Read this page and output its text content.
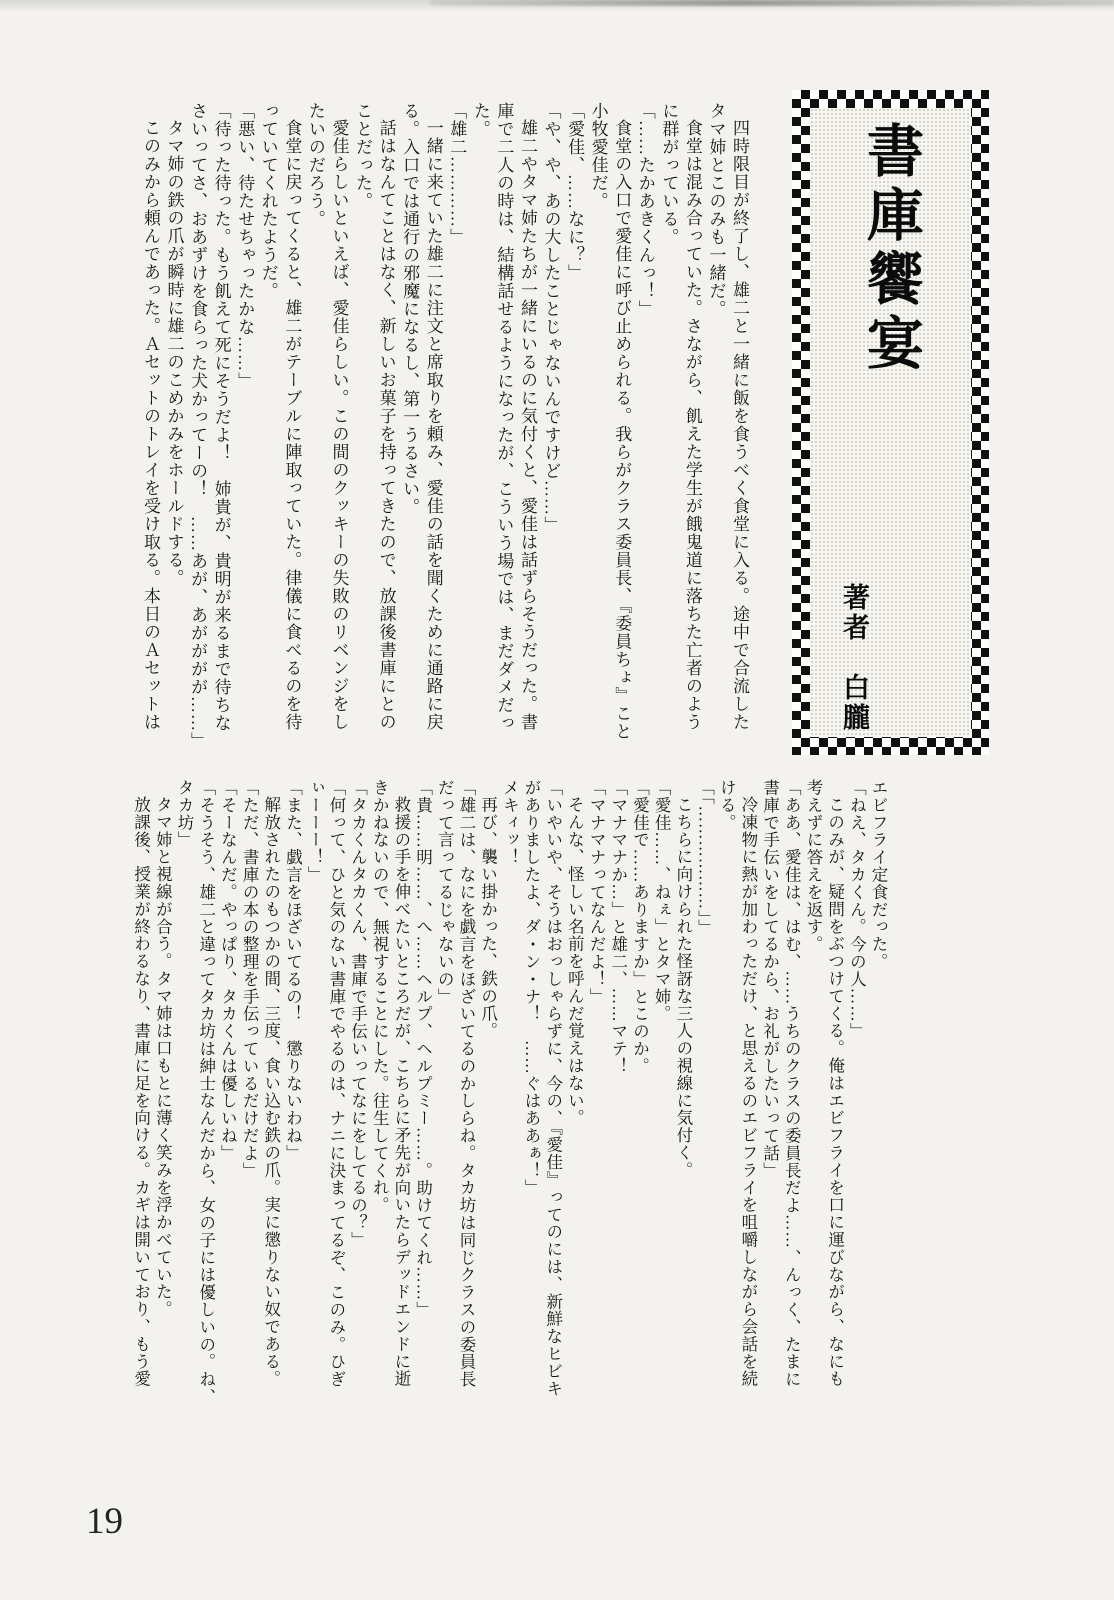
書庫饗宴
著者　白朧

四時限目が終了し、雄二と一緒に飯を食うべく食堂に入る。途中で合流した

タマ姉とこのみも一緒だ。

食堂は混み合っていた。さながら、飢えた学生が餓鬼道に落ちた亡者のよう

に群がっている。

「……たかあきくんっ！」

食堂の入口で愛佳に呼び止められる。我らがクラス委員長、『委員ちょ』こと

小牧愛佳だ。

「愛佳、……なに？」

「や、や、あの大したことじゃないんですけど……」

雄二やタマ姉たちが一緒にいるのに気付くと、愛佳は話ずらそうだった。書

庫で二人の時は、結構話せるようになったが、こういう場では、まだダメだっ

た。

「雄二…………」

一緒に来ていた雄二に注文と席取りを頼み、愛佳の話を聞くために通路に戻

る。入口では通行の邪魔になるし、第一うるさい。

話はなんてことはなく、新しいお菓子を持ってきたので、放課後書庫にとの

ことだった。

愛佳らしいといえば、愛佳らしい。この間のクッキーの失敗のリベンジをし

たいのだろう。

食堂に戻ってくると、雄二がテーブルに陣取っていた。律儀に食べるのを待

っていてくれたようだ。

「悪い、待たせちゃったかな……」

「待った待った。もう飢えて死にそうだよ！　姉貴が、貴明が来るまで待ちな

さいってさ、おあずけを食らった犬かってーの！　……あが、あがががが……」

タマ姉の鉄の爪が瞬時に雄二のこめかみをホールドする。

このみから頼んであった。Ａセットのトレイを受け取る。本日のＡセットは

エビフライ定食だった。

「ねえ、タカくん。今の人……」

このみが、疑問をぶつけてくる。俺はエビフライを口に運びながら、なにも

考えずに答えを返す。

「ああ、愛佳は、はむ、……うちのクラスの委員長だよ……、んっく、たまに

書庫で手伝いをしてるから、お礼がしたいって話」

冷凍物に熱が加わっただけ、と思えるのエビフライを咀嚼しながら会話を続

ける。

「「………………」」

こちらに向けられた怪訝な三人の視線に気付く。

「愛佳……、ねぇ」とタマ姉。

「愛佳で……ありますか」とこのか。

「マナマナか…」と雄二、……マテ！

「マナマナってなんだよ！」

そんな、怪しい名前を呼んだ覚えはない。

「いやいや、そうはおっしゃらずに、今の、『愛佳』ってのには、新鮮なヒビキ

がありましたよ、ダ・ン・ナ！　……ぐはああぁ！」

メキィッ！

再び、襲い掛かった、鉄の爪。

「雄二は、なにを戯言をほざいてるのかしらね。タカ坊は同じクラスの委員長

だって言ってるじゃないの」

「貴……明……、へ……ヘルプ、ヘルプミー……。助けてくれ……」

救援の手を伸べたいところだが、こちらに矛先が向いたらデッドエンドに逝

きかねないので、無視することにした。往生してくれ。

「タカくんタカくん、書庫で手伝いってなにをしてるの？」

「何って、ひと気のない書庫でやるのは、ナニに決まってるぞ、このみ。ひぎ

ぃーーー！」

「また、戯言をほざいてるの！　懲りないわね」

解放されたのもつかの間、三度、食い込む鉄の爪。実に懲りない奴である。

「ただ、書庫の本の整理を手伝っているだけだよ」

「そーなんだ。やっぱり、タカくんは優しいね」

「そうそう、雄二と違ってタカ坊は紳士なんだから、女の子には優しいの。ね、

タカ坊」

タマ姉と視線が合う。タマ姉は口もとに薄く笑みを浮かべていた。

放課後、授業が終わるなり、書庫に足を向ける。カギは開いており、もう愛

19
